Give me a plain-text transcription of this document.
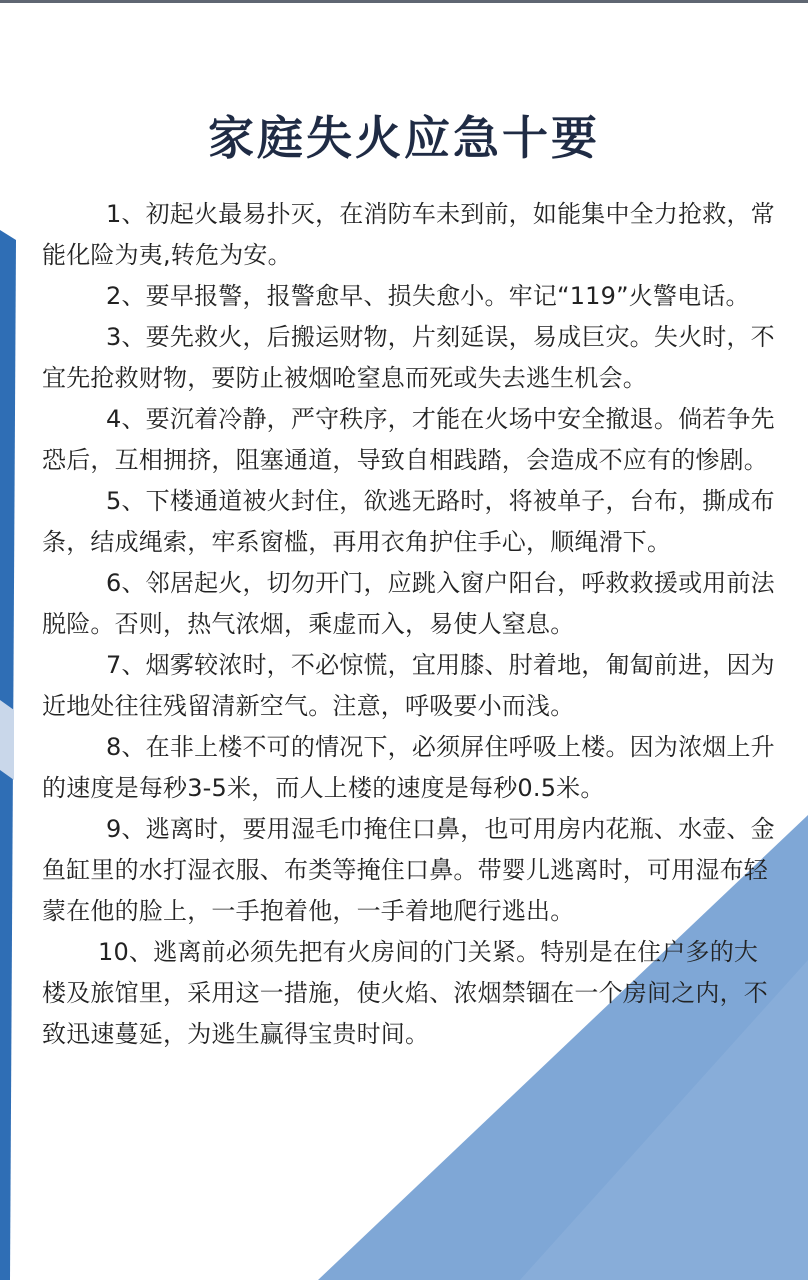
家庭失火应急十要

1、初起火最易扑灭，在消防车未到前，如能集中全力抢救，常能化险为夷,转危为安。

2、要早报警，报警愈早、损失愈小。牢记“119”火警电话。

3、要先救火，后搬运财物，片刻延误，易成巨灾。失火时，不宜先抢救财物，要防止被烟呛窒息而死或失去逃生机会。

4、要沉着冷静，严守秩序，才能在火场中安全撤退。倘若争先恐后，互相拥挤，阻塞通道，导致自相践踏，会造成不应有的惨剧。

5、下楼通道被火封住，欲逃无路时，将被单子，台布，撕成布条，结成绳索，牢系窗槛，再用衣角护住手心，顺绳滑下。

6、邻居起火，切勿开门，应跳入窗户阳台，呼救救援或用前法脱险。否则，热气浓烟，乘虚而入，易使人窒息。

7、烟雾较浓时，不必惊慌，宜用膝、肘着地，匍匐前进，因为近地处往往残留清新空气。注意，呼吸要小而浅。

8、在非上楼不可的情况下，必须屏住呼吸上楼。因为浓烟上升的速度是每秒3-5米，而人上楼的速度是每秒0.5米。

9、逃离时，要用湿毛巾掩住口鼻，也可用房内花瓶、水壶、金鱼缸里的水打湿衣服、布类等掩住口鼻。带婴儿逃离时，可用湿布轻蒙在他的脸上，一手抱着他，一手着地爬行逃出。

10、逃离前必须先把有火房间的门关紧。特别是在住户多的大楼及旅馆里，采用这一措施，使火焰、浓烟禁锢在一个房间之内，不致迅速蔓延，为逃生赢得宝贵时间。
